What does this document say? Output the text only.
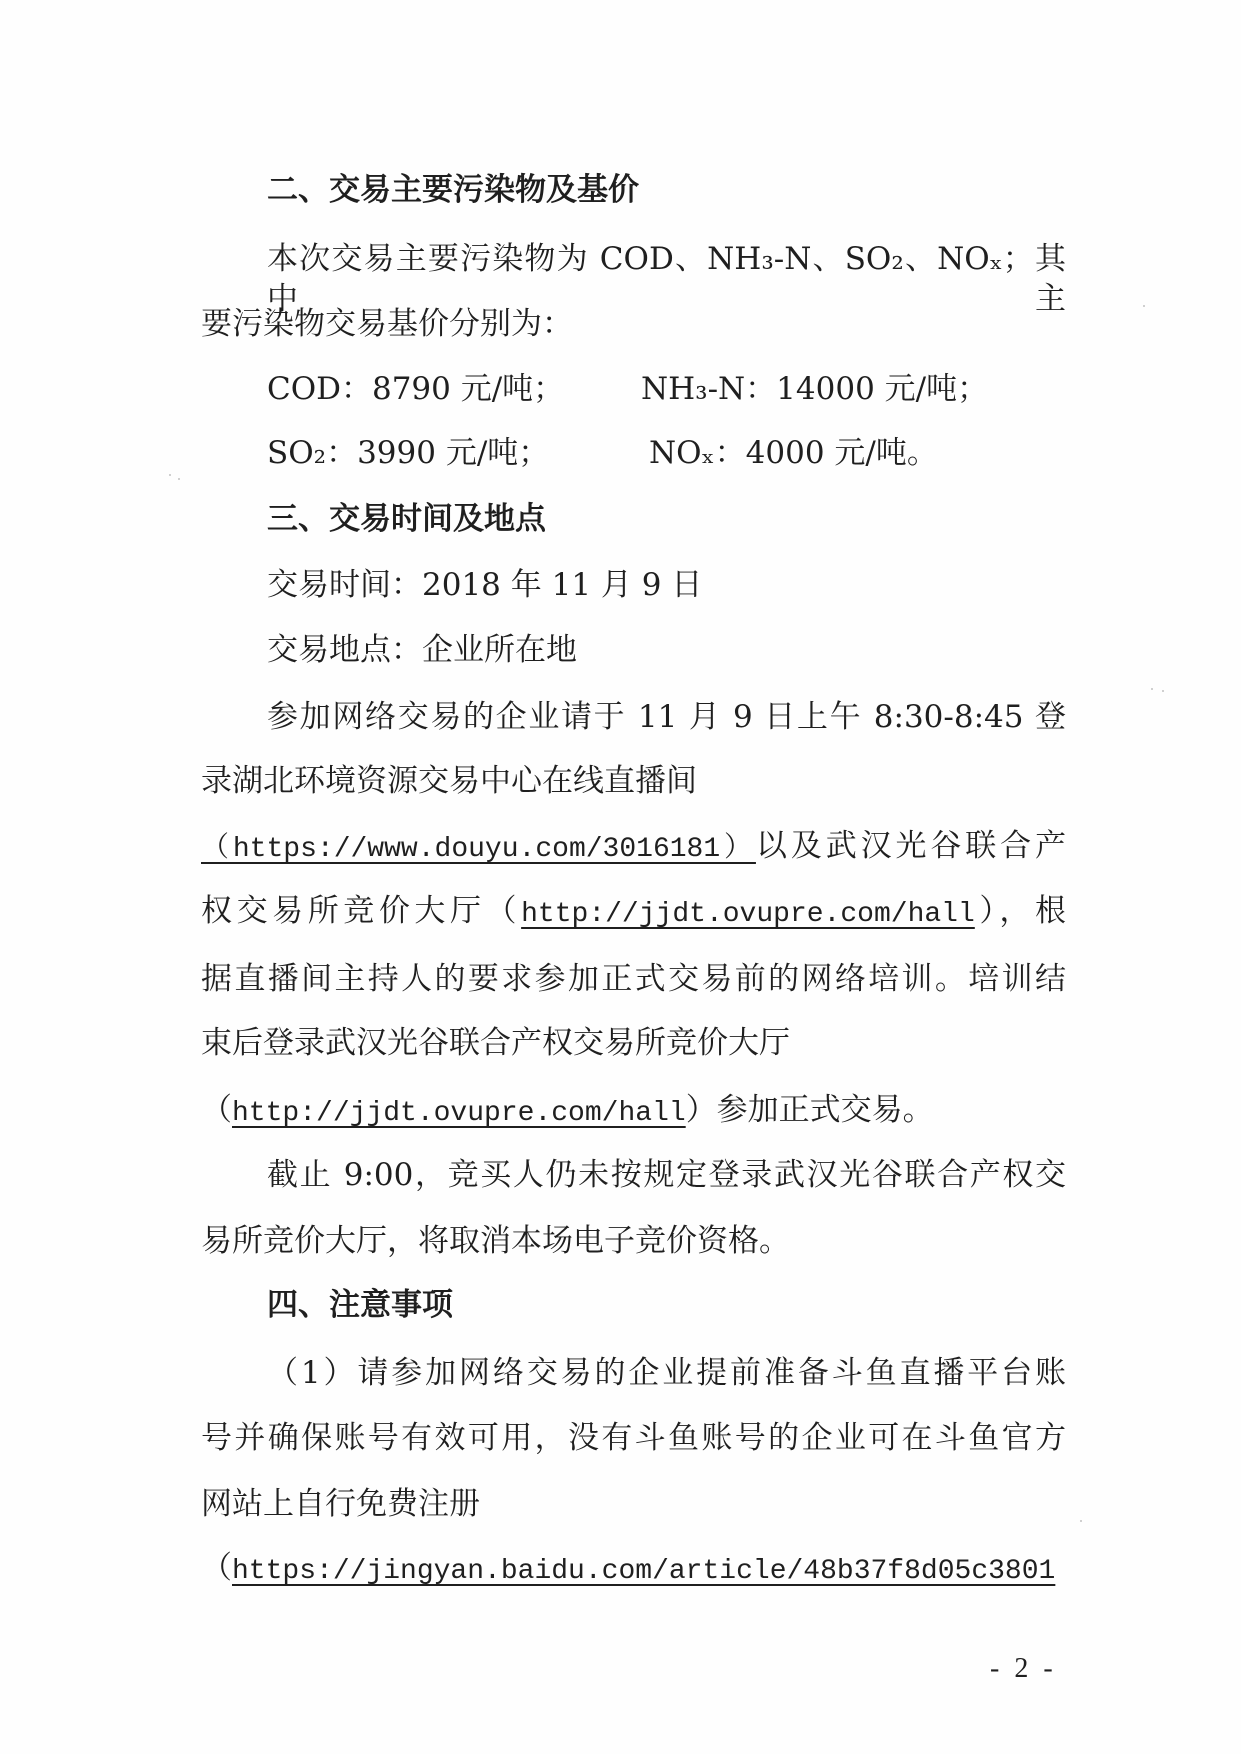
二、交易主要污染物及基价
本次交易主要污染物为 COD、NH₃-N、SO₂、NOₓ；其中主
要污染物交易基价分别为：
COD：8790 元/吨； NH₃-N：14000 元/吨；
SO₂：3990 元/吨；	NOₓ：4000 元/吨。
三、交易时间及地点
交易时间：2018 年 11 月 9 日
交易地点：企业所在地
参加网络交易的企业请于 11 月 9 日上午 8:30-8:45 登
录湖北环境资源交易中心在线直播间
（https://www.douyu.com/3016181）以及武汉光谷联合产
权交易所竞价大厅（http://jjdt.ovupre.com/hall），根
据直播间主持人的要求参加正式交易前的网络培训。培训结
束后登录武汉光谷联合产权交易所竞价大厅
（http://jjdt.ovupre.com/hall）参加正式交易。
截止 9:00，竞买人仍未按规定登录武汉光谷联合产权交
易所竞价大厅，将取消本场电子竞价资格。
四、注意事项
（1）请参加网络交易的企业提前准备斗鱼直播平台账
号并确保账号有效可用，没有斗鱼账号的企业可在斗鱼官方
网站上自行免费注册
（https://jingyan.baidu.com/article/48b37f8d05c3801
- 2 -
